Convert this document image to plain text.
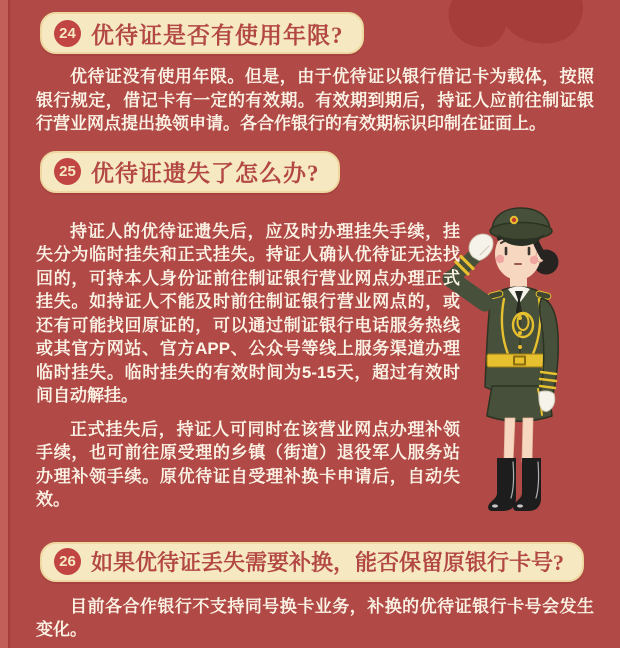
24 优待证是否有使用年限?

优待证没有使用年限。但是，由于优待证以银行借记卡为载体，按照银行规定，借记卡有一定的有效期。有效期到期后，持证人应前往制证银行营业网点提出换领申请。各合作银行的有效期标识印制在证面上。

25 优待证遗失了怎么办?

持证人的优待证遗失后，应及时办理挂失手续，挂失分为临时挂失和正式挂失。持证人确认优待证无法找回的，可持本人身份证前往制证银行营业网点办理正式挂失。如持证人不能及时前往制证银行营业网点的，或还有可能找回原证的，可以通过制证银行电话服务热线或其官方网站、官方APP、公众号等线上服务渠道办理临时挂失。临时挂失的有效时间为5-15天，超过有效时间自动解挂。

正式挂失后，持证人可同时在该营业网点办理补领手续，也可前往原受理的乡镇（街道）退役军人服务站办理补领手续。原优待证自受理补换卡申请后，自动失效。

26 如果优待证丢失需要补换，能否保留原银行卡号?

目前各合作银行不支持同号换卡业务，补换的优待证银行卡号会发生变化。
